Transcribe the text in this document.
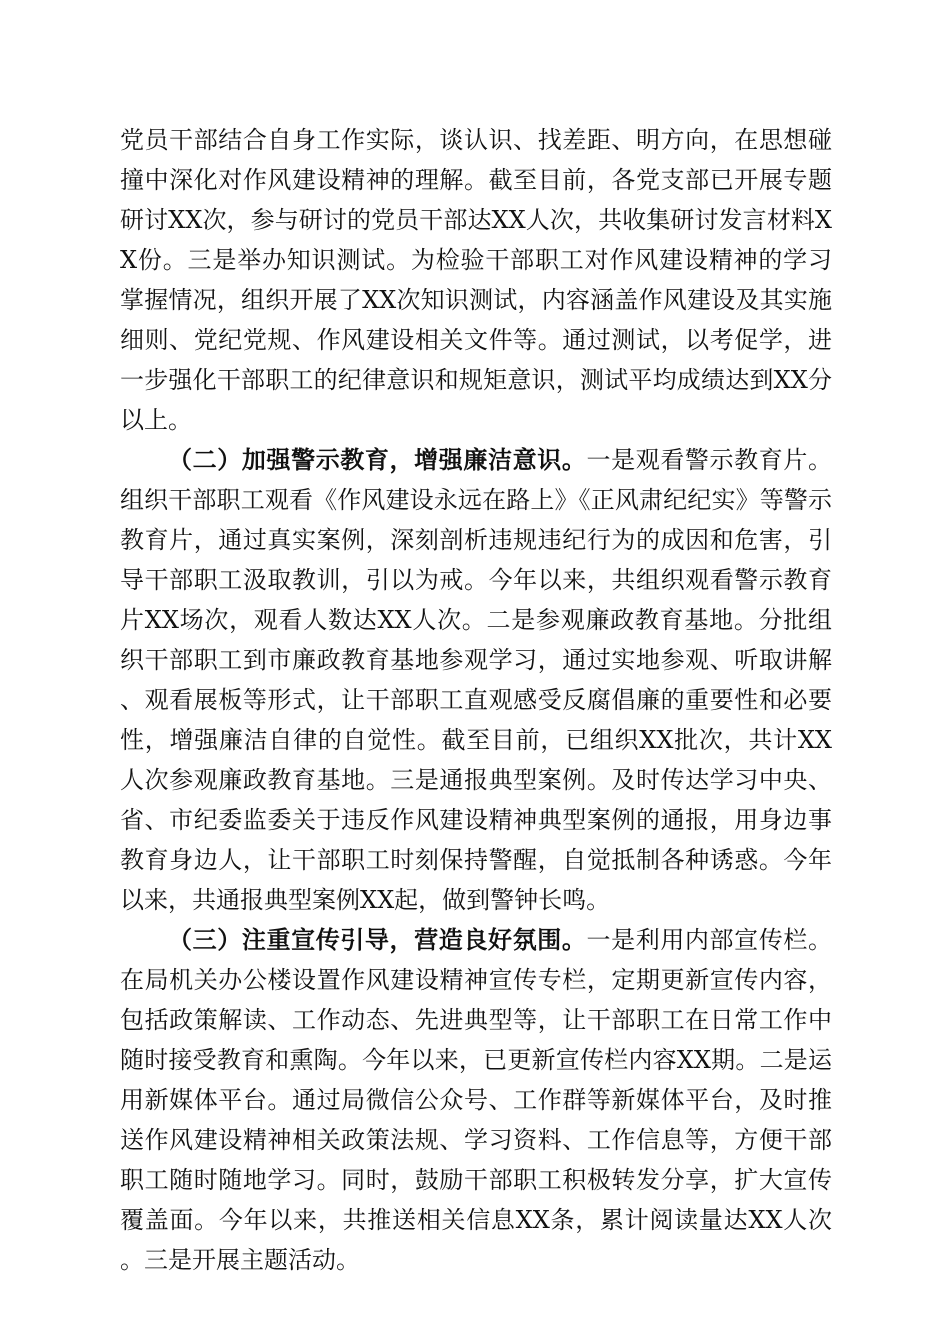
党员干部结合自身工作实际，谈认识、找差距、明方向，在思想碰撞中深化对作风建设精神的理解。截至目前，各党支部已开展专题研讨XX次，参与研讨的党员干部达XX人次，共收集研讨发言材料XX份。三是举办知识测试。为检验干部职工对作风建设精神的学习掌握情况，组织开展了XX次知识测试，内容涵盖作风建设及其实施细则、党纪党规、作风建设相关文件等。通过测试，以考促学，进一步强化干部职工的纪律意识和规矩意识，测试平均成绩达到XX分以上。

（二）加强警示教育，增强廉洁意识。一是观看警示教育片。组织干部职工观看《作风建设永远在路上》《正风肃纪纪实》等警示教育片，通过真实案例，深刻剖析违规违纪行为的成因和危害，引导干部职工汲取教训，引以为戒。今年以来，共组织观看警示教育片XX场次，观看人数达XX人次。二是参观廉政教育基地。分批组织干部职工到市廉政教育基地参观学习，通过实地参观、听取讲解、观看展板等形式，让干部职工直观感受反腐倡廉的重要性和必要性，增强廉洁自律的自觉性。截至目前，已组织XX批次，共计XX人次参观廉政教育基地。三是通报典型案例。及时传达学习中央、省、市纪委监委关于违反作风建设精神典型案例的通报，用身边事教育身边人，让干部职工时刻保持警醒，自觉抵制各种诱惑。今年以来，共通报典型案例XX起，做到警钟长鸣。

（三）注重宣传引导，营造良好氛围。一是利用内部宣传栏。在局机关办公楼设置作风建设精神宣传专栏，定期更新宣传内容，包括政策解读、工作动态、先进典型等，让干部职工在日常工作中随时接受教育和熏陶。今年以来，已更新宣传栏内容XX期。二是运用新媒体平台。通过局微信公众号、工作群等新媒体平台，及时推送作风建设精神相关政策法规、学习资料、工作信息等，方便干部职工随时随地学习。同时，鼓励干部职工积极转发分享，扩大宣传覆盖面。今年以来，共推送相关信息XX条，累计阅读量达XX人次。三是开展主题活动。
